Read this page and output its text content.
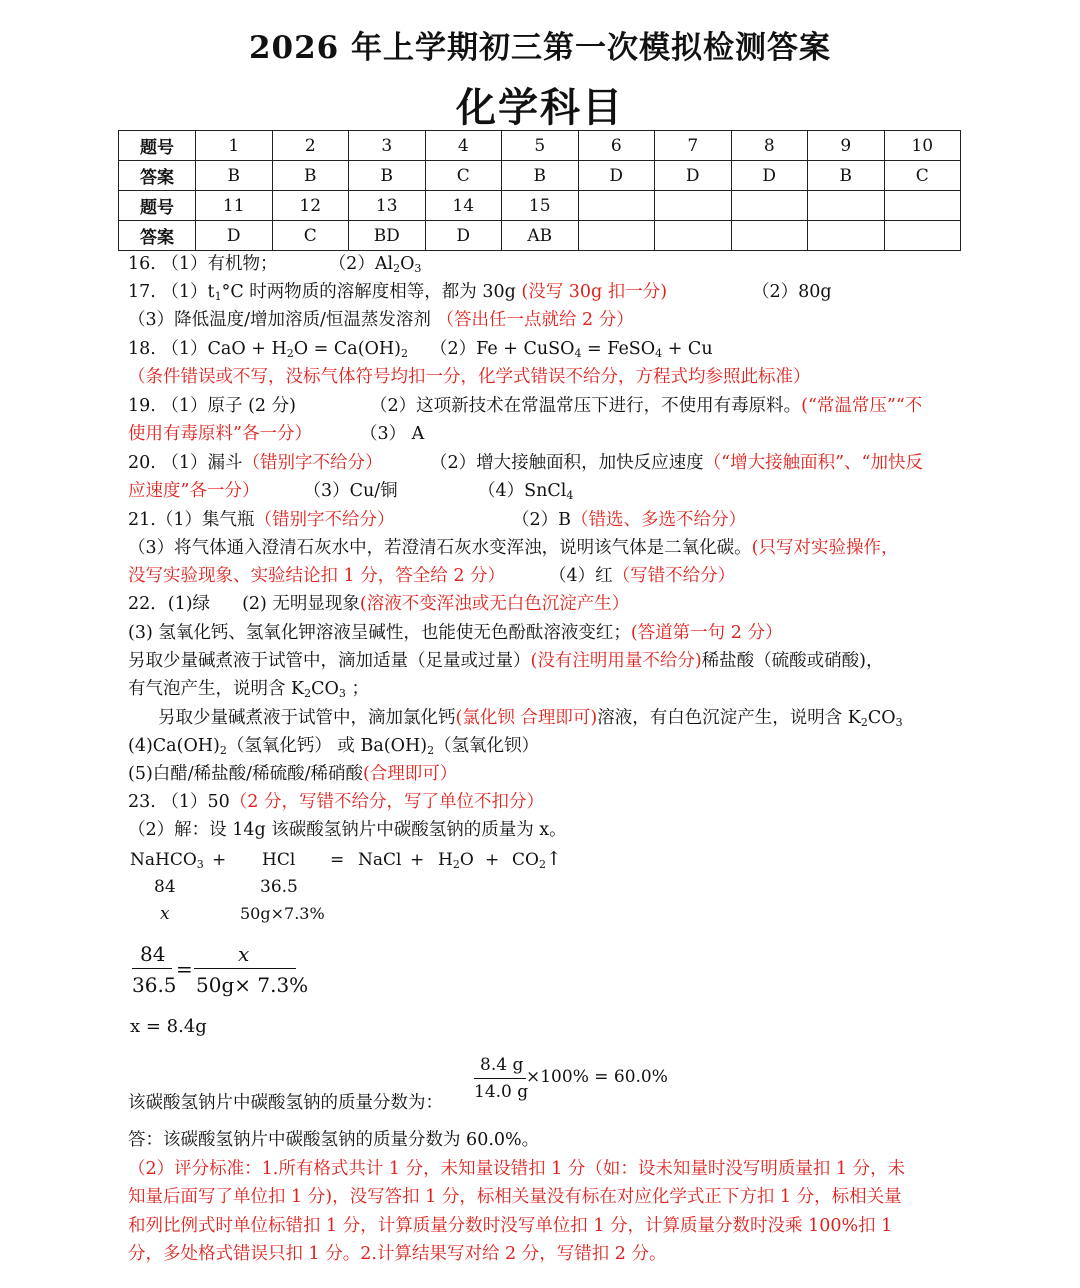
2026 年上学期初三第一次模拟检测答案
化学科目
题号	1	2	3	4	5	6	7	8	9	10
答案	B	B	B	C	B	D	D	D	B	C
题号	11	12	13	14	15					
答案	D	C	BD	D	AB					
16. （1）有机物；	$(2)Al_2O_3$
17. $(1)t_1^\circ C$ 时两物质的溶解度相等，都为 30g (没写 30g 扣一分)	（2）80g
（3）降低温度/增加溶质/恒温蒸发溶剂 （答出任一点就给 2 分）
18. $(1)CaO + H_2O = Ca(OH)_2$ （2）Fe + CuSO$_4$ = FeSO$_4$ + Cu
（条件错误或不写，没标气体符号均扣一分，化学式错误不给分，方程式均参照此标准）
19. （1）原子 (2 分)	（2）这项新技术在常温常压下进行，不使用有毒原料。(“常温常压”“不
使用有毒原料”各一分）	（3） A
20. （1）漏斗（错别字不给分）	（2）增大接触面积，加快反应速度（“增大接触面积”、“加快反
应速度”各一分）	（3）Cu/铜	（4）SnCl$_4$
21.（1）集气瓶（错别字不给分）	（2）B（错选、多选不给分）
（3）将气体通入澄清石灰水中，若澄清石灰水变浑浊，说明该气体是二氧化碳。(只写对实验操作，
没写实验现象、实验结论扣 1 分，答全给 2 分）	（4）红（写错不给分）
22．(1)绿 (2) 无明显现象(溶液不变浑浊或无白色沉淀产生）
(3) 氢氧化钙、氢氧化钾溶液呈碱性，也能使无色酚酞溶液变红；(答道第一句 2 分）
另取少量碱煮液于试管中，滴加适量（足量或过量）(没有注明用量不给分)稀盐酸（硫酸或硝酸)，
有气泡产生，说明含 $K_2CO_3$ ；
另取少量碱煮液于试管中，滴加氯化钙(氯化钡 合理即可)溶液，有白色沉淀产生，说明含 $K_2CO_3$
$(4)Ca(OH)_2$（氢氧化钙） 或 $Ba(OH)_2$（氢氧化钡）
(5)白醋/稀盐酸/稀硫酸/稀硝酸(合理即可）
23. （1）50（2 分，写错不给分，写了单位不扣分）
（2）解：设 14g 该碳酸氢钠片中碳酸氢钠的质量为 x。
NaHCO$_3$ + HCl = NaCl + $H_2O$ + $CO_2↑$
84	36.5
x	50g×7.3%
84
36.5
=
x
50g× 7.3%
x = 8.4g
8.4 g
14.0 g
×100% = 60.0%
该碳酸氢钠片中碳酸氢钠的质量分数为：
答：该碳酸氢钠片中碳酸氢钠的质量分数为 60.0%。
（2）评分标准：1.所有格式共计 1 分，未知量设错扣 1 分（如：设未知量时没写明质量扣 1 分，未
知量后面写了单位扣 1 分)，没写答扣 1 分，标相关量没有标在对应化学式正下方扣 1 分，标相关量
和列比例式时单位标错扣 1 分，计算质量分数时没写单位扣 1 分，计算质量分数时没乘 100%扣 1
分，多处格式错误只扣 1 分。2.计算结果写对给 2 分，写错扣 2 分。
